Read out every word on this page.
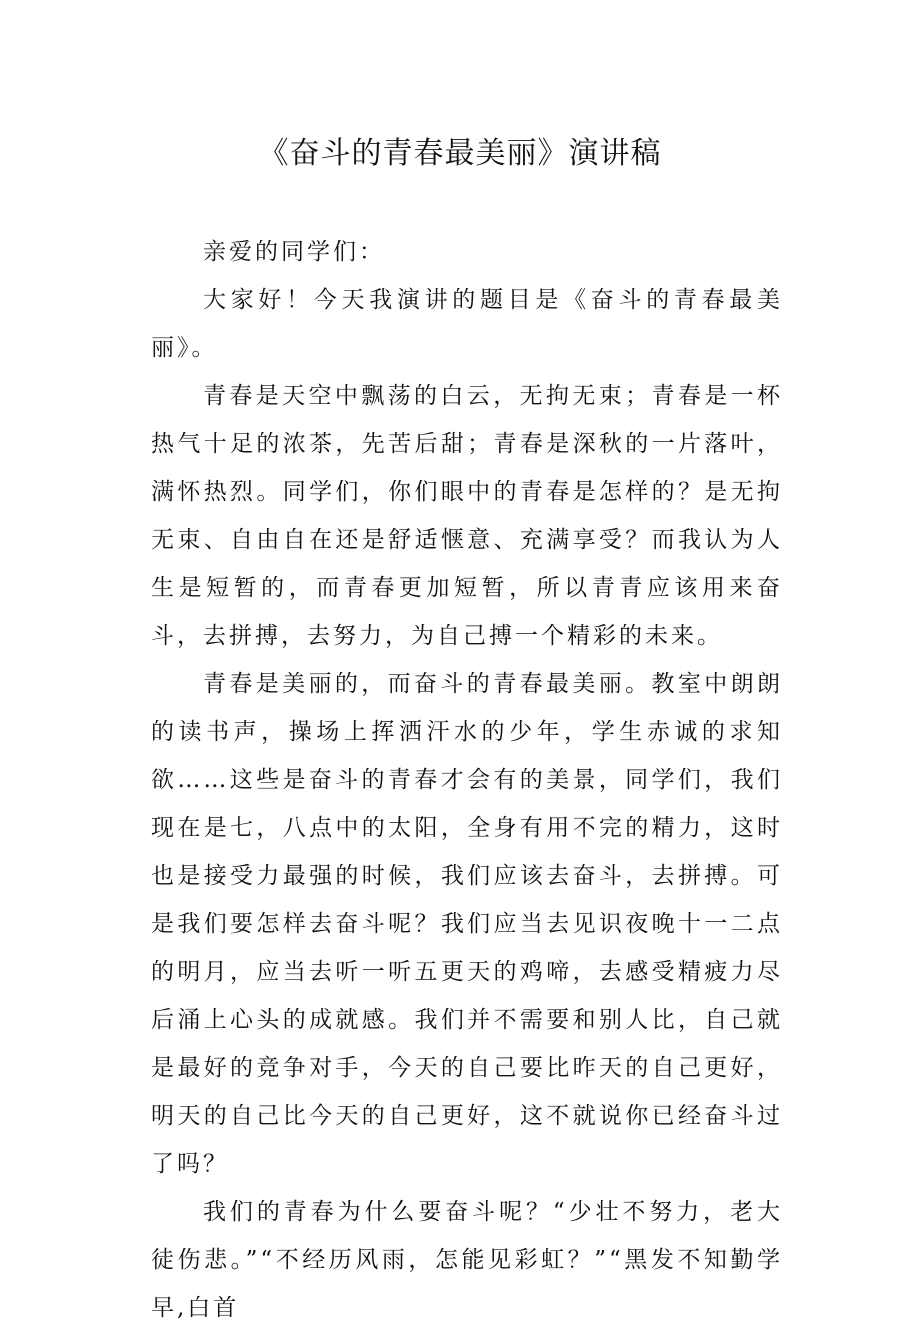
《奋斗的青春最美丽》演讲稿

亲爱的同学们：

大家好！今天我演讲的题目是《奋斗的青春最美丽》。

青春是天空中飘荡的白云，无拘无束；青春是一杯热气十足的浓茶，先苦后甜；青春是深秋的一片落叶，满怀热烈。同学们，你们眼中的青春是怎样的？是无拘无束、自由自在还是舒适惬意、充满享受？而我认为人生是短暂的，而青春更加短暂，所以青青应该用来奋斗，去拼搏，去努力，为自己搏一个精彩的未来。

青春是美丽的，而奋斗的青春最美丽。教室中朗朗的读书声，操场上挥洒汗水的少年，学生赤诚的求知欲……这些是奋斗的青春才会有的美景，同学们，我们现在是七，八点中的太阳，全身有用不完的精力，这时也是接受力最强的时候，我们应该去奋斗，去拼搏。可是我们要怎样去奋斗呢？我们应当去见识夜晚十一二点的明月，应当去听一听五更天的鸡啼，去感受精疲力尽后涌上心头的成就感。我们并不需要和别人比，自己就是最好的竞争对手，今天的自己要比昨天的自己更好，明天的自己比今天的自己更好，这不就说你已经奋斗过了吗？

我们的青春为什么要奋斗呢？“少壮不努力，老大徒伤悲。”“不经历风雨，怎能见彩虹？”“黑发不知勤学早,白首
